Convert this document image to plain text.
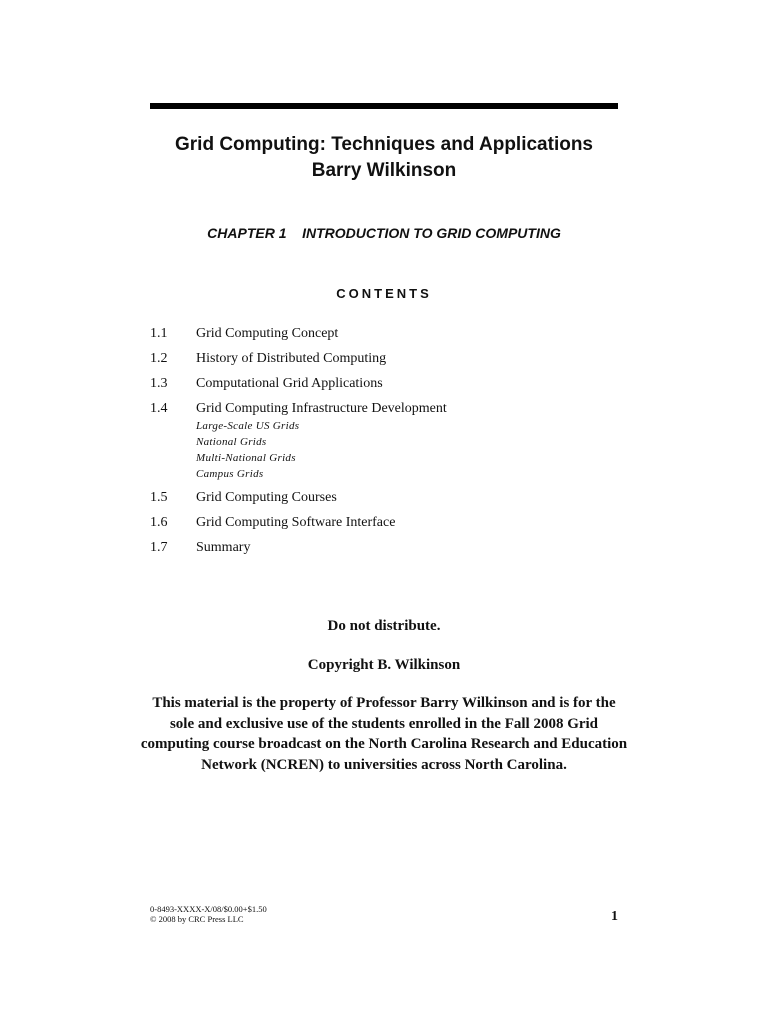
Grid Computing: Techniques and Applications
Barry Wilkinson
CHAPTER 1 INTRODUCTION TO GRID COMPUTING
CONTENTS
1.1	Grid Computing Concept
1.2	History of Distributed Computing
1.3	Computational Grid Applications
1.4	Grid Computing Infrastructure Development
Large-Scale US Grids
National Grids
Multi-National Grids
Campus Grids
1.5	Grid Computing Courses
1.6	Grid Computing Software Interface
1.7	Summary
Do not distribute.
Copyright B. Wilkinson
This material is the property of Professor Barry Wilkinson and is for the sole and exclusive use of the students enrolled in the Fall 2008 Grid computing course broadcast on the North Carolina Research and Education Network (NCREN) to universities across North Carolina.
0-8493-XXXX-X/08/$0.00+$1.50
© 2008 by CRC Press LLC	1
